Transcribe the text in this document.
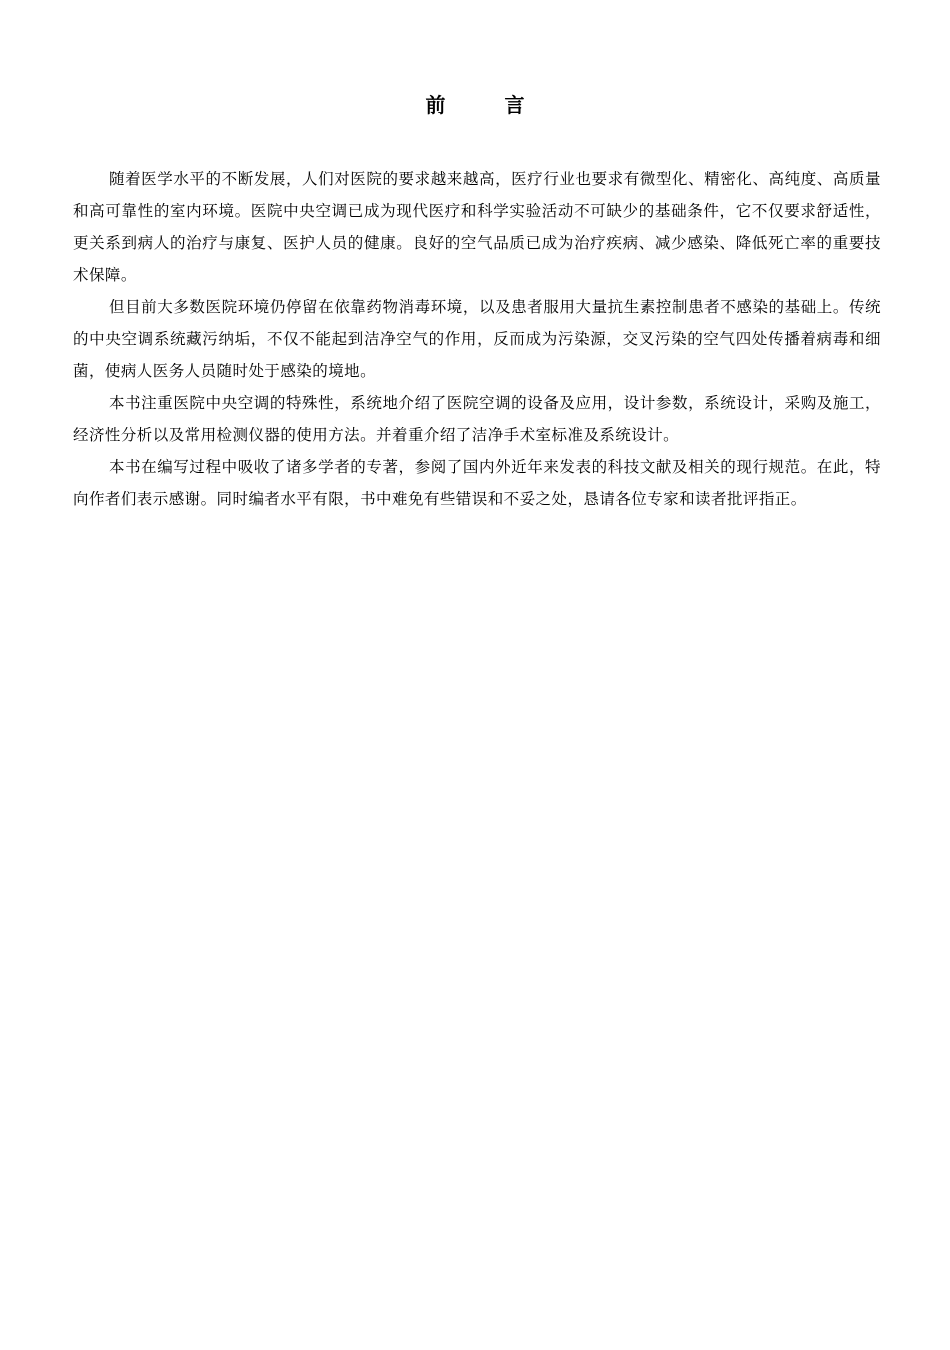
前 言

随着医学水平的不断发展，人们对医院的要求越来越高，医疗行业也要求有微型化、精密化、高纯度、高质量和高可靠性的室内环境。医院中央空调已成为现代医疗和科学实验活动不可缺少的基础条件，它不仅要求舒适性，更关系到病人的治疗与康复、医护人员的健康。良好的空气品质已成为治疗疾病、减少感染、降低死亡率的重要技术保障。

但目前大多数医院环境仍停留在依靠药物消毒环境，以及患者服用大量抗生素控制患者不感染的基础上。传统的中央空调系统藏污纳垢，不仅不能起到洁净空气的作用，反而成为污染源，交叉污染的空气四处传播着病毒和细菌，使病人医务人员随时处于感染的境地。

本书注重医院中央空调的特殊性，系统地介绍了医院空调的设备及应用，设计参数，系统设计，采购及施工，经济性分析以及常用检测仪器的使用方法。并着重介绍了洁净手术室标准及系统设计。

本书在编写过程中吸收了诸多学者的专著，参阅了国内外近年来发表的科技文献及相关的现行规范。在此，特向作者们表示感谢。同时编者水平有限，书中难免有些错误和不妥之处，恳请各位专家和读者批评指正。
